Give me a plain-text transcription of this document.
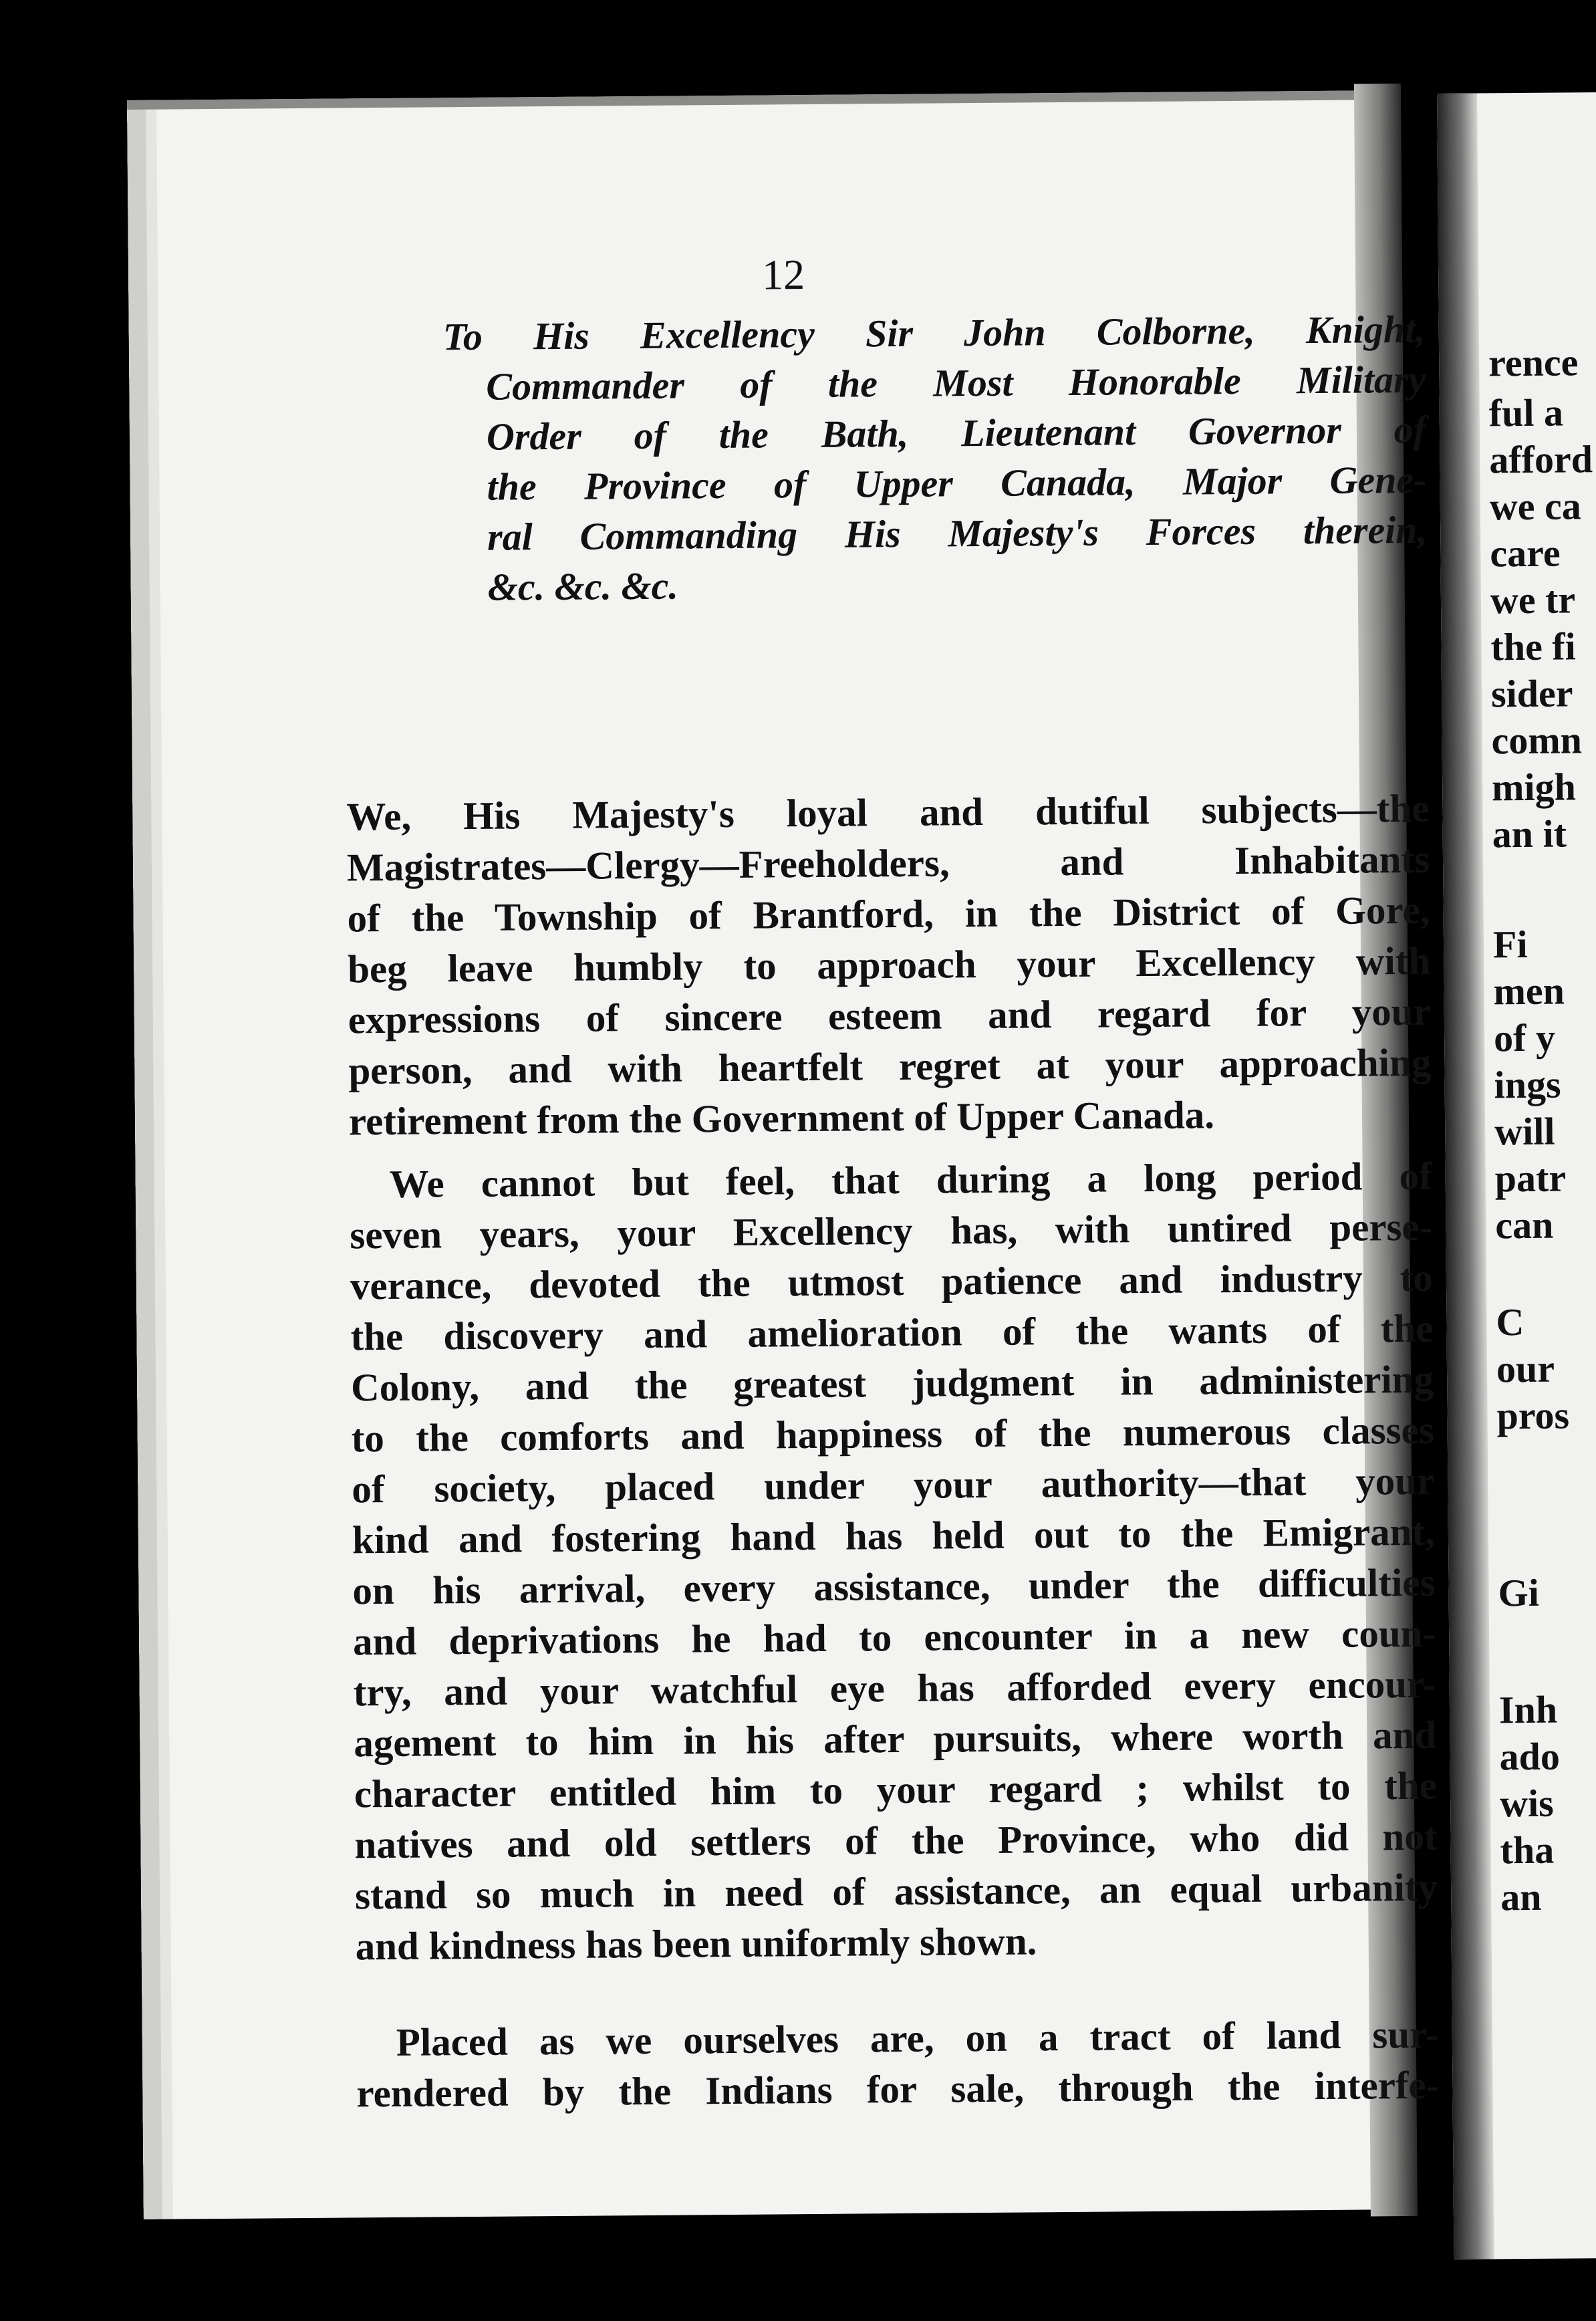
12
To His Excellency Sir John Colborne, Knight,
Commander of the Most Honorable Military
Order of the Bath, Lieutenant Governor of
the Province of Upper Canada, Major Gene-
ral Commanding His Majesty's Forces therein,
&c. &c. &c.
We, His Majesty's loyal and dutiful subjects—the
Magistrates—Clergy—Freeholders, and Inhabitants
of the Township of Brantford, in the District of Gore,
beg leave humbly to approach your Excellency with
expressions of sincere esteem and regard for your
person, and with heartfelt regret at your approaching
retirement from the Government of Upper Canada.
We cannot but feel, that during a long period of
seven years, your Excellency has, with untired perse-
verance, devoted the utmost patience and industry to
the discovery and amelioration of the wants of the
Colony, and the greatest judgment in administering
to the comforts and happiness of the numerous classes
of society, placed under your authority—that your
kind and fostering hand has held out to the Emigrant,
on his arrival, every assistance, under the difficulties
and deprivations he had to encounter in a new coun-
try, and your watchful eye has afforded every encour-
agement to him in his after pursuits, where worth and
character entitled him to your regard ; whilst to the
natives and old settlers of the Province, who did not
stand so much in need of assistance, an equal urbanity
and kindness has been uniformly shown.
Placed as we ourselves are, on a tract of land sur-
rendered by the Indians for sale, through the interfe-
rence
ful a
afford
we ca
care
we tr
the fi
sider
comn
migh
an it
Fi
men
of y
ings
will
patr
can
C
our
pros
Gi
Inh
ado
wis
tha
an
